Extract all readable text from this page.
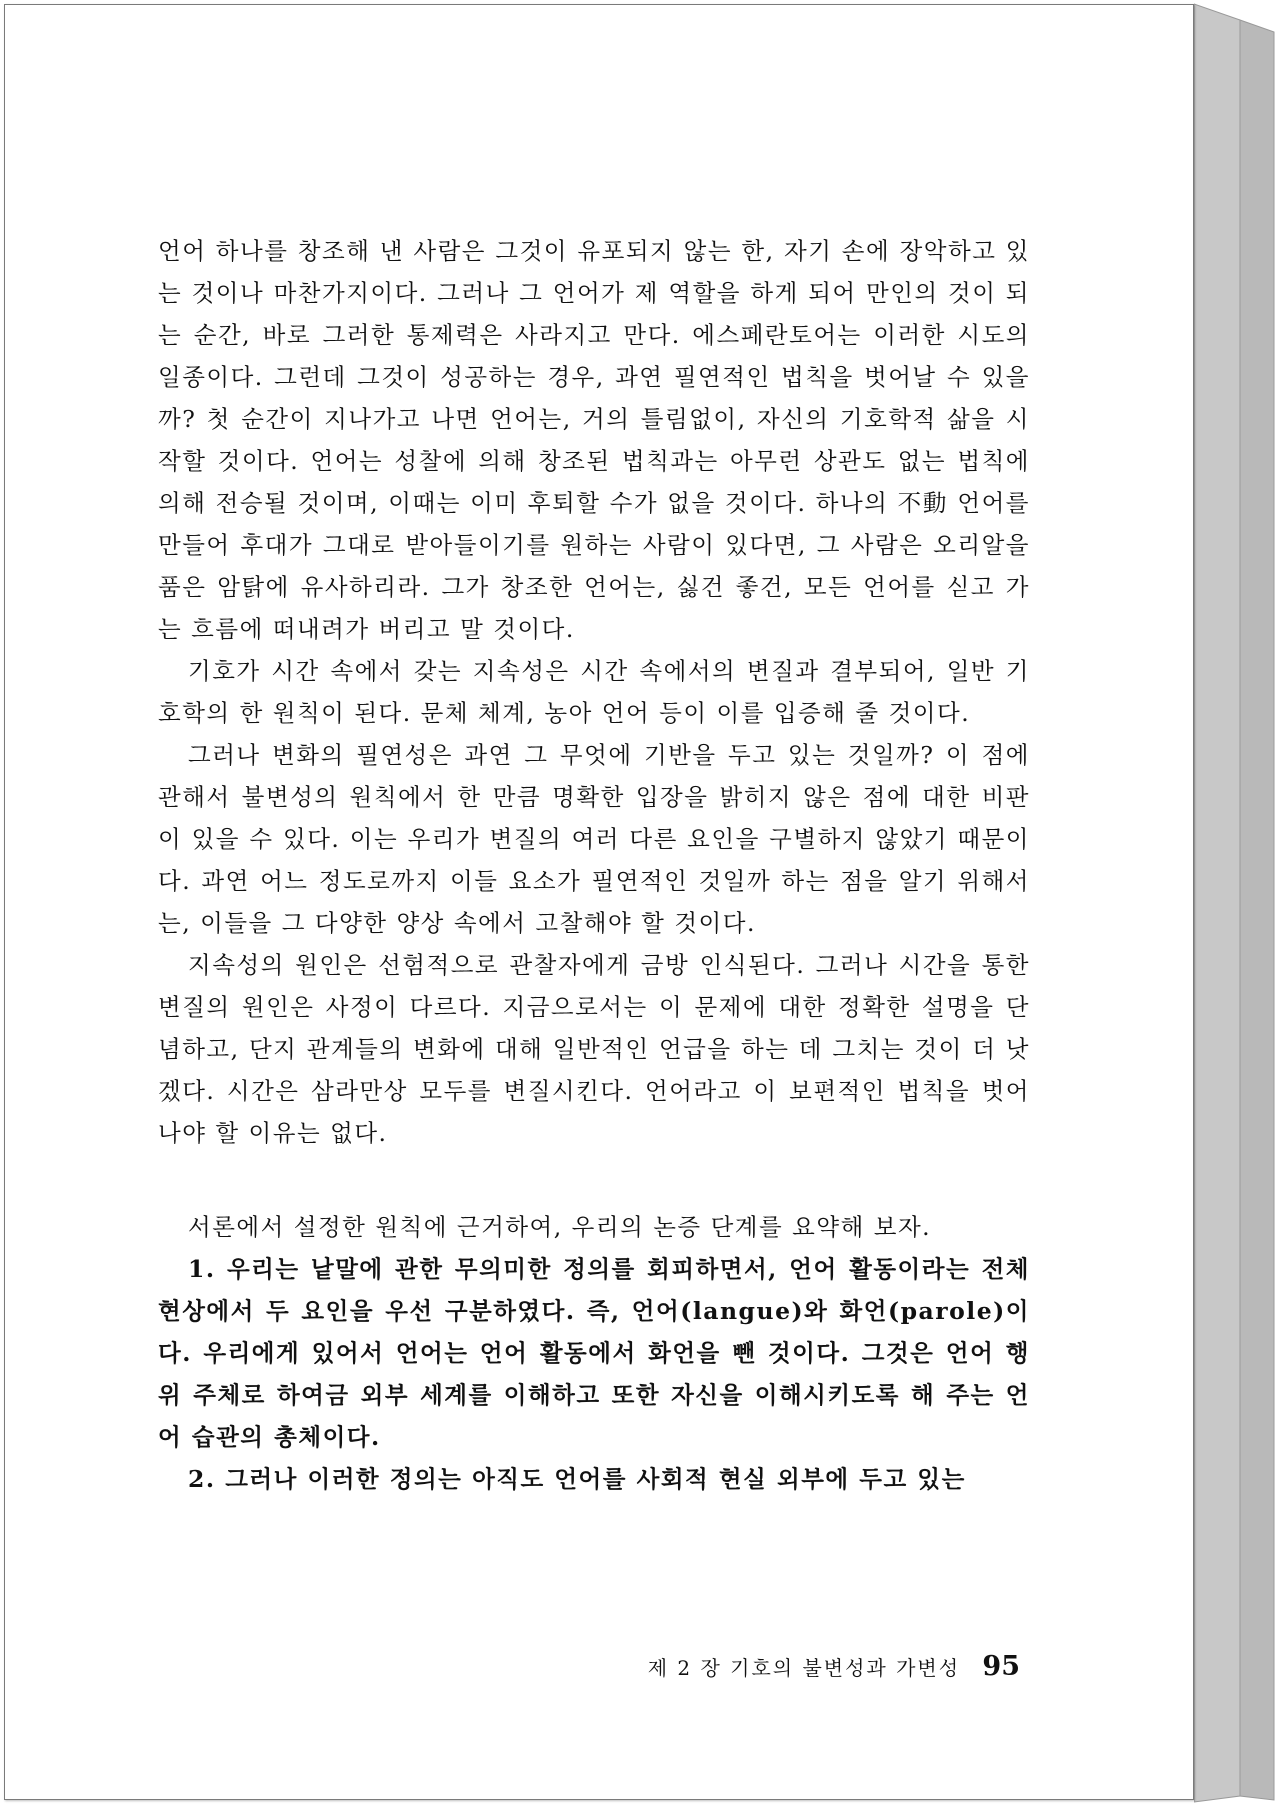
언어 하나를 창조해 낸 사람은 그것이 유포되지 않는 한, 자기 손에 장악하고 있는 것이나 마찬가지이다. 그러나 그 언어가 제 역할을 하게 되어 만인의 것이 되는 순간, 바로 그러한 통제력은 사라지고 만다. 에스페란토어는 이러한 시도의 일종이다. 그런데 그것이 성공하는 경우, 과연 필연적인 법칙을 벗어날 수 있을까? 첫 순간이 지나가고 나면 언어는, 거의 틀림없이, 자신의 기호학적 삶을 시작할 것이다. 언어는 성찰에 의해 창조된 법칙과는 아무런 상관도 없는 법칙에 의해 전승될 것이며, 이때는 이미 후퇴할 수가 없을 것이다. 하나의 不動 언어를 만들어 후대가 그대로 받아들이기를 원하는 사람이 있다면, 그 사람은 오리알을 품은 암탉에 유사하리라. 그가 창조한 언어는, 싫건 좋건, 모든 언어를 싣고 가는 흐름에 떠내려가 버리고 말 것이다.

기호가 시간 속에서 갖는 지속성은 시간 속에서의 변질과 결부되어, 일반 기호학의 한 원칙이 된다. 문체 체계, 농아 언어 등이 이를 입증해 줄 것이다.

그러나 변화의 필연성은 과연 그 무엇에 기반을 두고 있는 것일까? 이 점에 관해서 불변성의 원칙에서 한 만큼 명확한 입장을 밝히지 않은 점에 대한 비판이 있을 수 있다. 이는 우리가 변질의 여러 다른 요인을 구별하지 않았기 때문이다. 과연 어느 정도로까지 이들 요소가 필연적인 것일까 하는 점을 알기 위해서는, 이들을 그 다양한 양상 속에서 고찰해야 할 것이다.

지속성의 원인은 선험적으로 관찰자에게 금방 인식된다. 그러나 시간을 통한 변질의 원인은 사정이 다르다. 지금으로서는 이 문제에 대한 정확한 설명을 단념하고, 단지 관계들의 변화에 대해 일반적인 언급을 하는 데 그치는 것이 더 낫겠다. 시간은 삼라만상 모두를 변질시킨다. 언어라고 이 보편적인 법칙을 벗어나야 할 이유는 없다.

서론에서 설정한 원칙에 근거하여, 우리의 논증 단계를 요약해 보자.

1. 우리는 낱말에 관한 무의미한 정의를 회피하면서, 언어 활동이라는 전체 현상에서 두 요인을 우선 구분하였다. 즉, 언어(langue)와 화언(parole)이다. 우리에게 있어서 언어는 언어 활동에서 화언을 뺀 것이다. 그것은 언어 행위 주체로 하여금 외부 세계를 이해하고 또한 자신을 이해시키도록 해 주는 언어 습관의 총체이다.

2. 그러나 이러한 정의는 아직도 언어를 사회적 현실 외부에 두고 있는

제 2 장 기호의 불변성과 가변성 95
